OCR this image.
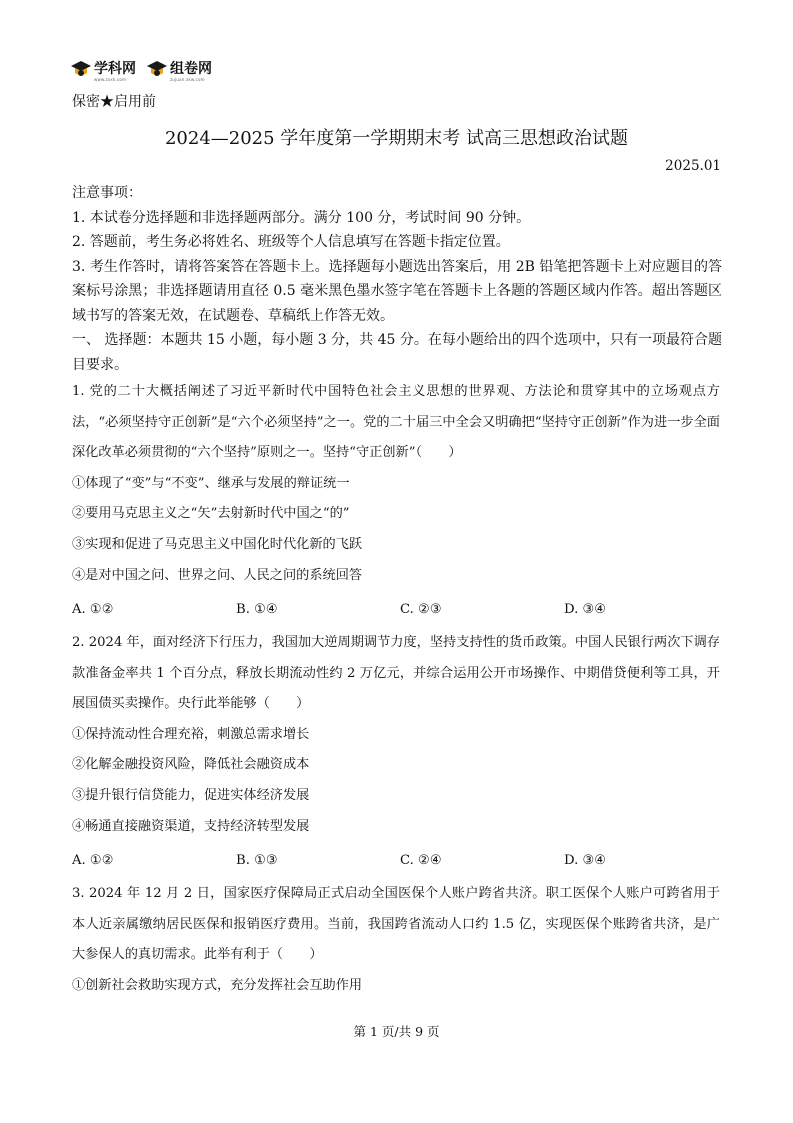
学科网
www.zxxk.com
组卷网
zujuan.xkw.com
保密★启用前
2024—2025 学年度第一学期期末考 试高三思想政治试题
2025.01

注意事项：

1. 本试卷分选择题和非选择题两部分。满分 100 分，考试时间 90 分钟。

2. 答题前，考生务必将姓名、班级等个人信息填写在答题卡指定位置。

3. 考生作答时，请将答案答在答题卡上。选择题每小题选出答案后，用 2B 铅笔把答题卡上对应题目的答案标号涂黑；非选择题请用直径 0.5 毫米黑色墨水签字笔在答题卡上各题的答题区域内作答。超出答题区域书写的答案无效，在试题卷、草稿纸上作答无效。

一、 选择题：本题共 15 小题，每小题 3 分，共 45 分。在每小题给出的四个选项中，只有一项最符合题目要求。

1. 党的二十大概括阐述了习近平新时代中国特色社会主义思想的世界观、方法论和贯穿其中的立场观点方法，“必须坚持守正创新”是“六个必须坚持”之一。党的二十届三中全会又明确把“坚持守正创新”作为进一步全面深化改革必须贯彻的“六个坚持”原则之一。坚持“守正创新”（　　）

①体现了“变”与“不变”、继承与发展的辩证统一

②要用马克思主义之“矢”去射新时代中国之“的”

③实现和促进了马克思主义中国化时代化新的飞跃

④是对中国之问、世界之问、人民之问的系统回答

A. ①②	B. ①④	C. ②③	D. ③④

2. 2024 年，面对经济下行压力，我国加大逆周期调节力度，坚持支持性的货币政策。中国人民银行两次下调存款准备金率共 1 个百分点，释放长期流动性约 2 万亿元，并综合运用公开市场操作、中期借贷便利等工具，开展国债买卖操作。央行此举能够（　　）

①保持流动性合理充裕，刺激总需求增长

②化解金融投资风险，降低社会融资成本

③提升银行信贷能力，促进实体经济发展

④畅通直接融资渠道，支持经济转型发展

A. ①②	B. ①③	C. ②④	D. ③④

3. 2024 年 12 月 2 日，国家医疗保障局正式启动全国医保个人账户跨省共济。职工医保个人账户可跨省用于本人近亲属缴纳居民医保和报销医疗费用。当前，我国跨省流动人口约 1.5 亿，实现医保个账跨省共济，是广大参保人的真切需求。此举有利于（　　）

①创新社会救助实现方式，充分发挥社会互助作用

第 1 页/共 9 页
